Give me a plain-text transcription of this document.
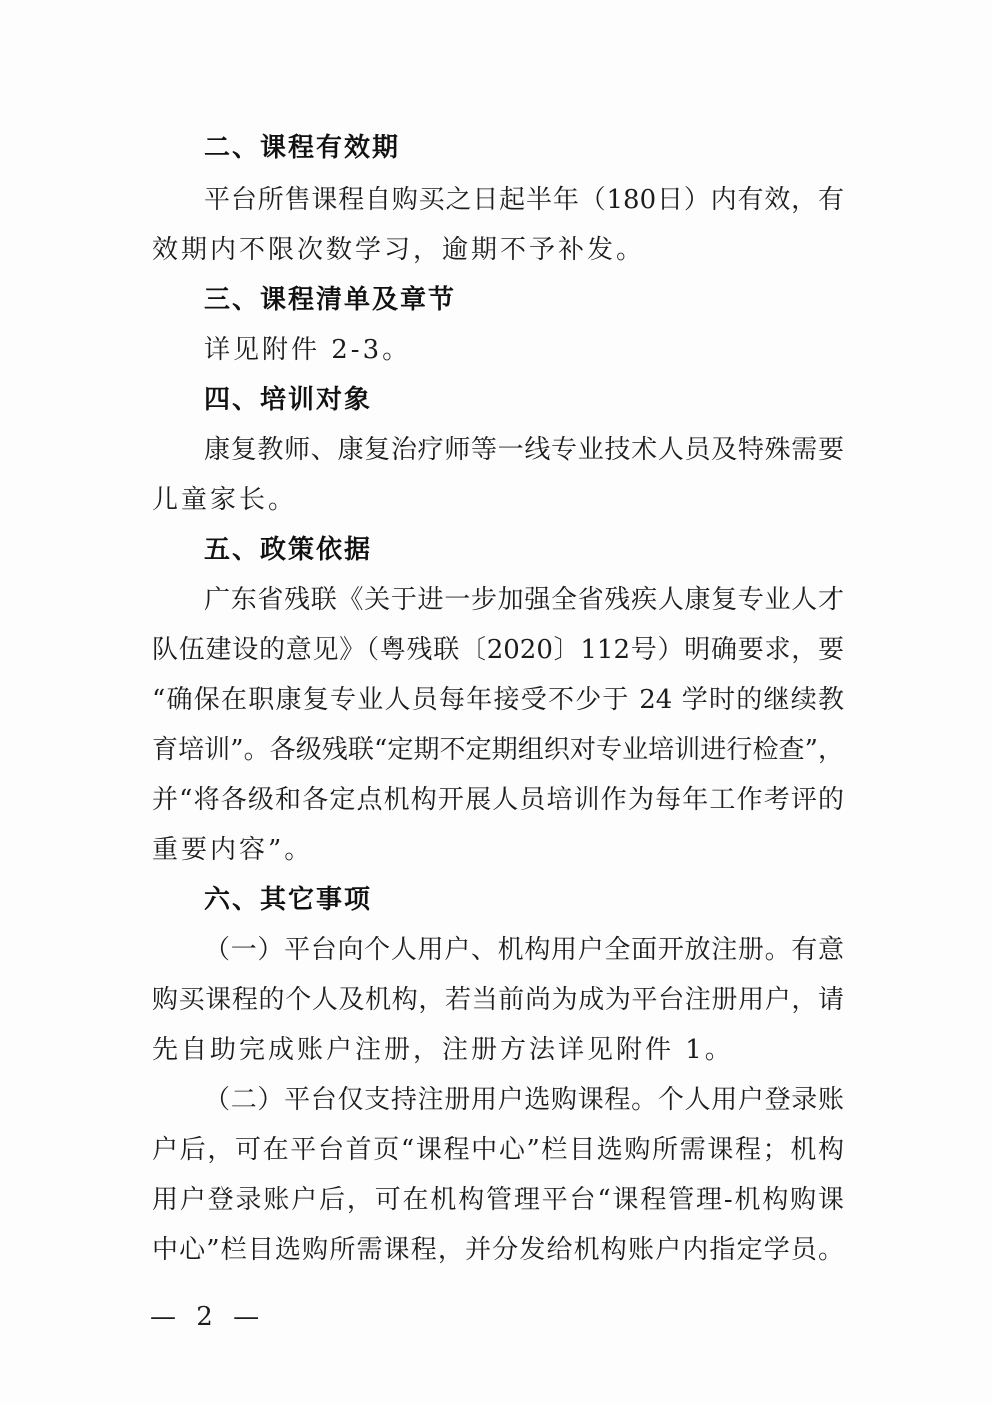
二、课程有效期
平台所售课程自购买之日起半年（180日）内有效，有
效期内不限次数学习，逾期不予补发。
三、课程清单及章节
详见附件 2-3。
四、培训对象
康复教师、康复治疗师等一线专业技术人员及特殊需要
儿童家长。
五、政策依据
广东省残联《关于进一步加强全省残疾人康复专业人才
队伍建设的意见》（粤残联〔2020〕112号）明确要求，要
“确保在职康复专业人员每年接受不少于 24 学时的继续教
育培训”。各级残联“定期不定期组织对专业培训进行检查”，
并“将各级和各定点机构开展人员培训作为每年工作考评的
重要内容”。
六、其它事项
（一）平台向个人用户、机构用户全面开放注册。有意
购买课程的个人及机构，若当前尚为成为平台注册用户，请
先自助完成账户注册，注册方法详见附件 1。
（二）平台仅支持注册用户选购课程。个人用户登录账
户后，可在平台首页“课程中心”栏目选购所需课程；机构
用户登录账户后，可在机构管理平台“课程管理-机构购课
中心”栏目选购所需课程，并分发给机构账户内指定学员。
— 2 —
